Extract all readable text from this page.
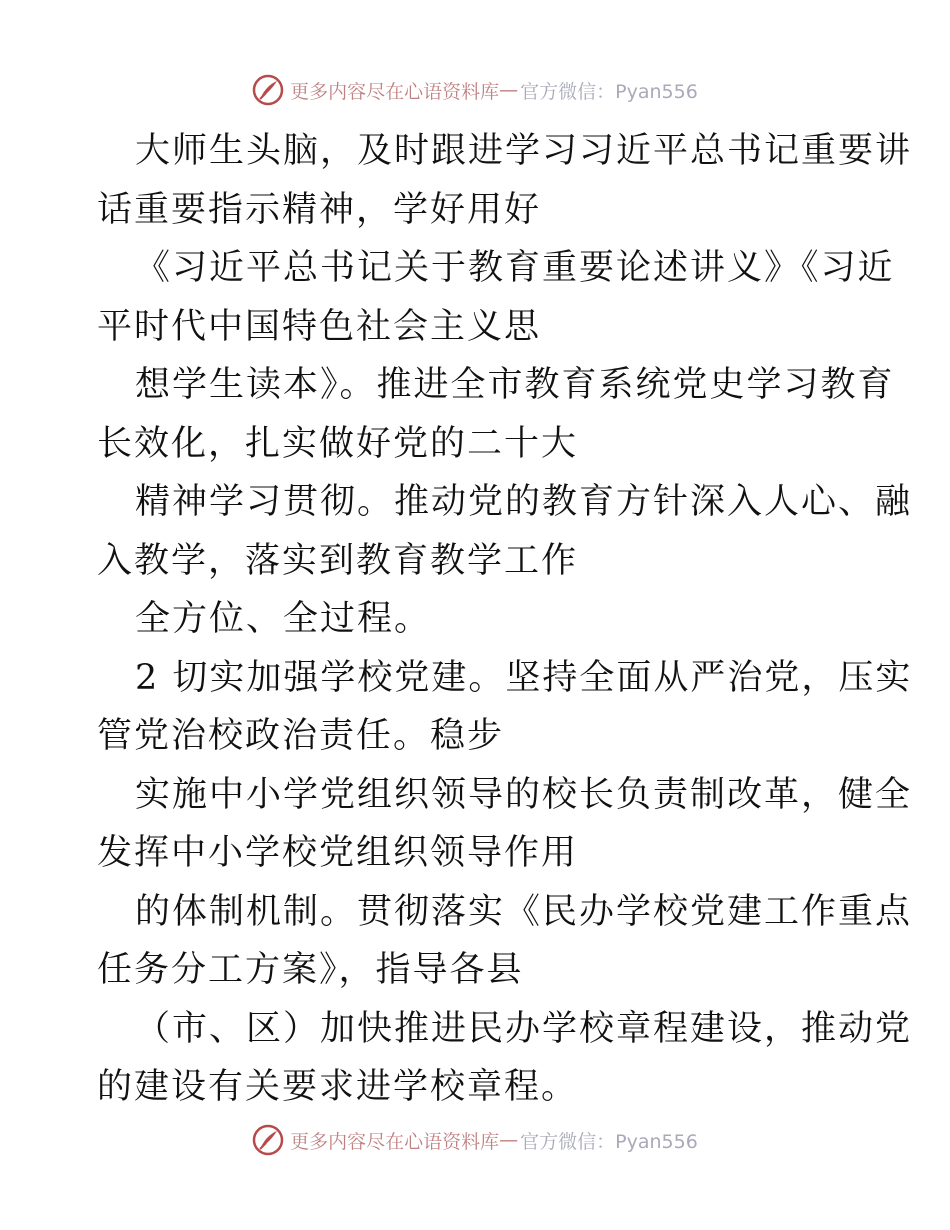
更多内容尽在心语资料库 — 官方微信：Pyan556
大师生头脑，及时跟进学习习近平总书记重要讲
话重要指示精神，学好用好
《习近平总书记关于教育重要论述讲义》《习近
平时代中国特色社会主义思
想学生读本》。推进全市教育系统党史学习教育
长效化，扎实做好党的二十大
精神学习贯彻。推动党的教育方针深入人心、融
入教学，落实到教育教学工作
全方位、全过程。
2 切实加强学校党建。坚持全面从严治党，压实
管党治校政治责任。稳步
实施中小学党组织领导的校长负责制改革，健全
发挥中小学校党组织领导作用
的体制机制。贯彻落实《民办学校党建工作重点
任务分工方案》，指导各县
（市、区）加快推进民办学校章程建设，推动党
的建设有关要求进学校章程。
更多内容尽在心语资料库 — 官方微信：Pyan556
